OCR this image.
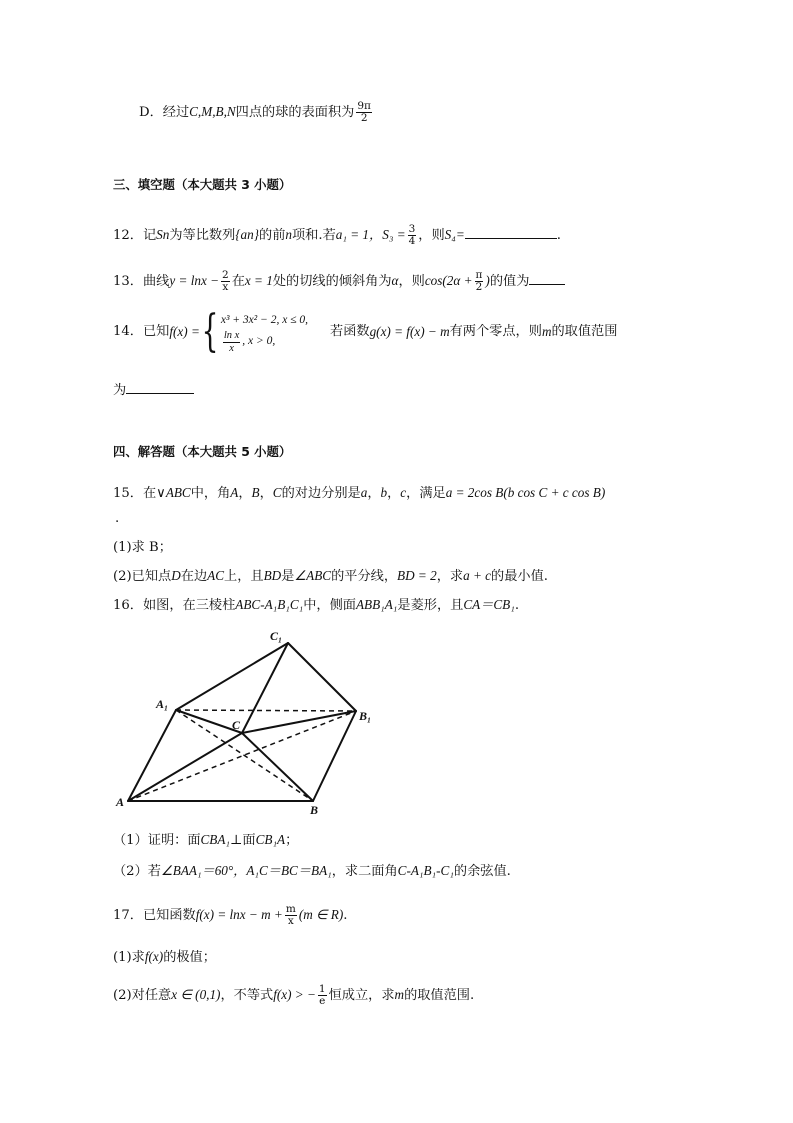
D．经过C,M,B,N四点的球的表面积为 $\frac{9\pi}{2}$
三、填空题（本大题共 3 小题）
12．记Sn为等比数列{an}的前n项和.若a₁ = 1，$S_3 = \frac{3}{4}$ ，则S₄=	.
13．曲线$y = \ln x - \frac{2}{x}$ 在x = 1处的切线的倾斜角为α，则$\cos(2\alpha + \frac{\pi}{2}$ )的值为
14．已知f(x) ={ x³ + 3x² − 2, x ≤ 0,
$\frac{\text{ln x}}{x}$ , x > 0,
若函数g(x) = f(x) − m有两个零点，则m的取值范围
为
四、解答题（本大题共 5 小题）
15．在∨ABC中，角A，B，C的对边分别是a，b，c，满足a = 2cos B(b cos C + c cos B)
.
(1)求 B；
(2)已知点D在边AC上，且BD是∠ABC的平分线，BD = 2，求a + c的最小值.
16．如图，在三棱柱ABC-A₁B₁C₁中，侧面ABB₁A₁是菱形，且CA＝CB₁.
C₁
A₁
B₁
C
A
B
（1）证明：面CBA₁⊥面CB₁A；
（2）若∠BAA₁＝60°，A₁C＝BC＝BA₁，求二面角C-A₁B₁-C₁的余弦值.
17．已知函数$f(x) = \ln x - m + \frac{m}{x} (m$ ∈ R).
(1)求f(x)的极值；
(2)对任意x ∈ (0,1)，不等式f(x) > − $\frac{1}{e}$ 恒成立，求m的取值范围.
